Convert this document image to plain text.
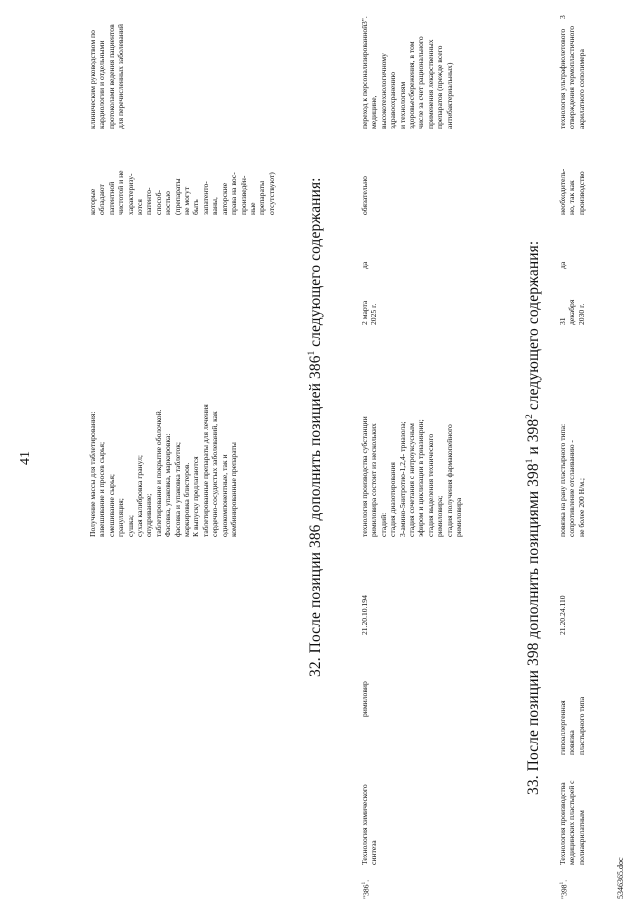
41	Получение массы для таблетирования: взвешивание и просев сырья; смешивание сырья; грануляция; сушка; сухая калибровка гранул; опудривание; таблетирование и покрытие оболочкой. Фасовка, упаковка, маркировка: фасовка и упаковка таблеток; маркировка блистеров. К выпуску предлагаются таблетированные препараты для лечения сердечно-сосудистых заболеваний, как однокомпонентные, так и комбинированные препараты
которые обладают патентной чистотой и не характеризу- ются патенто- способ- ностью (препараты не могут быть запатенто- ваны, авторские права на вос- произведён- ные препараты отсутствуют)
клиническим руководством по кардиологии и отдельными протоколами ведения пациентов для перечисленных заболеваний
32. После позиции 386 дополнить позицией $386^1$ следующего содержания:
"$386^1$.
Технология химического синтеза
римиловир
21.20.10.194
технология производства субстанции римиловира состоит из нескольких стадий: стадия диазотирования 3-амино-5нитротио-1,2,4- триазола; стадия сочетания с нитроуксусным эфиром и циклизации в триазинрин; стадия выделения технического римиловира; стадия получения фармакопейного римиловира
2 марта 2025 г.
да
обязательно
переход к персонализированной медицине, высокотехнологичному здравоохранению и технологиям здоровьесбережения, в том числе за счет рационального применения лекарственных препаратов (прежде всего антибактериальных)
3".
33. После позиции 398 дополнить позициями $398^1$ и $398^2$ следующего содержания:
"$398^1$.
Технология производства медицинских пластырей с полиакрилатным
гипоаллергенная повязка пластырного типа
21.20.24.110
повязка на рану пластырного типа: сопротивление отслаиванию - не более 200 Н/м.;
31 декабря 2030 г.
да
необходитель- но, так как производство
технология ультрафиолетового отверждения термопластичного акрилатного сополимера
3
5346365.doc
